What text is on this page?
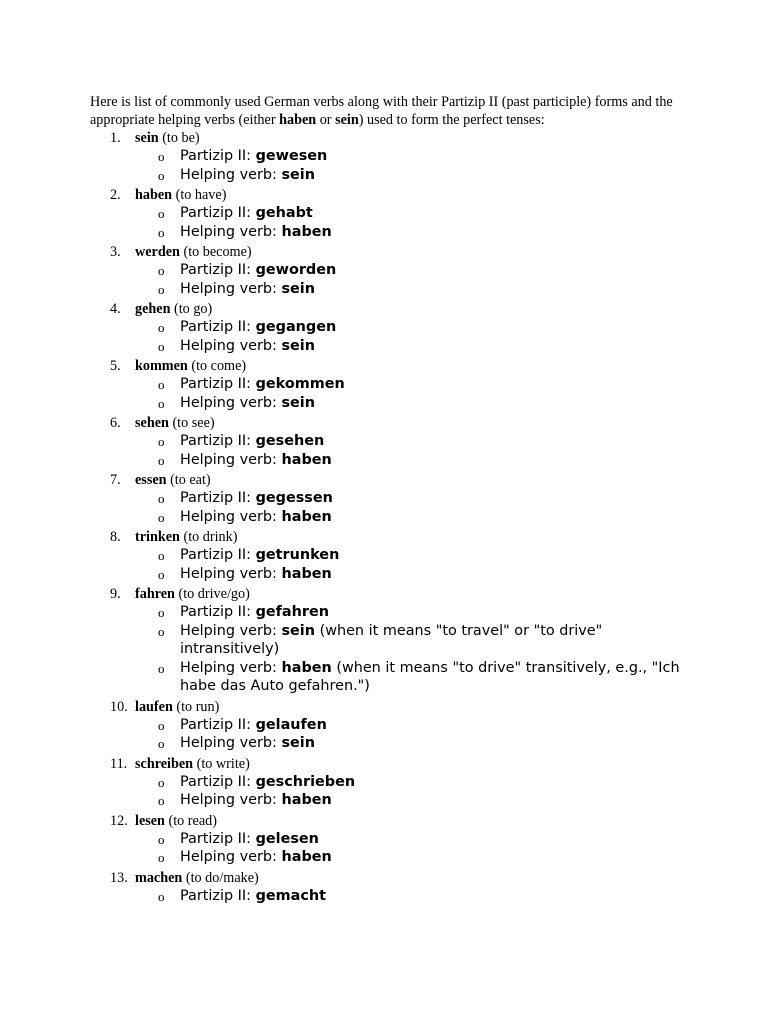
Here is list of commonly used German verbs along with their Partizip II (past participle) forms and the appropriate helping verbs (either haben or sein) used to form the perfect tenses:

1. sein (to be)
o Partizip II: gewesen
o Helping verb: sein
2. haben (to have)
o Partizip II: gehabt
o Helping verb: haben
3. werden (to become)
o Partizip II: geworden
o Helping verb: sein
4. gehen (to go)
o Partizip II: gegangen
o Helping verb: sein
5. kommen (to come)
o Partizip II: gekommen
o Helping verb: sein
6. sehen (to see)
o Partizip II: gesehen
o Helping verb: haben
7. essen (to eat)
o Partizip II: gegessen
o Helping verb: haben
8. trinken (to drink)
o Partizip II: getrunken
o Helping verb: haben
9. fahren (to drive/go)
o Partizip II: gefahren
o Helping verb: sein (when it means "to travel" or "to drive" intransitively)
o Helping verb: haben (when it means "to drive" transitively, e.g., "Ich habe das Auto gefahren.")
10. laufen (to run)
o Partizip II: gelaufen
o Helping verb: sein
11. schreiben (to write)
o Partizip II: geschrieben
o Helping verb: haben
12. lesen (to read)
o Partizip II: gelesen
o Helping verb: haben
13. machen (to do/make)
o Partizip II: gemacht
